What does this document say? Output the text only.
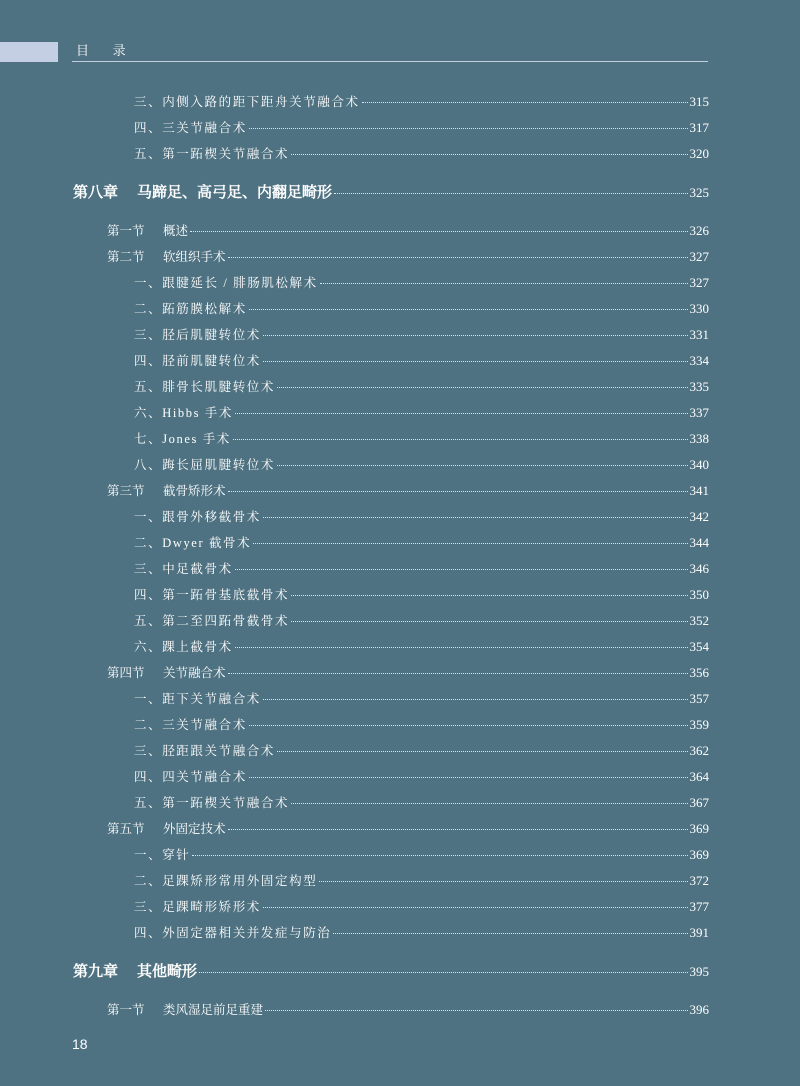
目 录
三、内侧入路的距下距舟关节融合术	315
四、三关节融合术	317
五、第一跖楔关节融合术	320
第八章 马蹄足、高弓足、内翻足畸形	325
第一节 概述	326
第二节 软组织手术	327
一、跟腱延长 / 腓肠肌松解术	327
二、跖筋膜松解术	330
三、胫后肌腱转位术	331
四、胫前肌腱转位术	334
五、腓骨长肌腱转位术	335
六、Hibbs 手术	337
七、Jones 手术	338
八、踇长屈肌腱转位术	340
第三节 截骨矫形术	341
一、跟骨外移截骨术	342
二、Dwyer 截骨术	344
三、中足截骨术	346
四、第一跖骨基底截骨术	350
五、第二至四跖骨截骨术	352
六、踝上截骨术	354
第四节 关节融合术	356
一、距下关节融合术	357
二、三关节融合术	359
三、胫距跟关节融合术	362
四、四关节融合术	364
五、第一跖楔关节融合术	367
第五节 外固定技术	369
一、穿针	369
二、足踝矫形常用外固定构型	372
三、足踝畸形矫形术	377
四、外固定器相关并发症与防治	391
第九章 其他畸形	395
第一节 类风湿足前足重建	396
18
